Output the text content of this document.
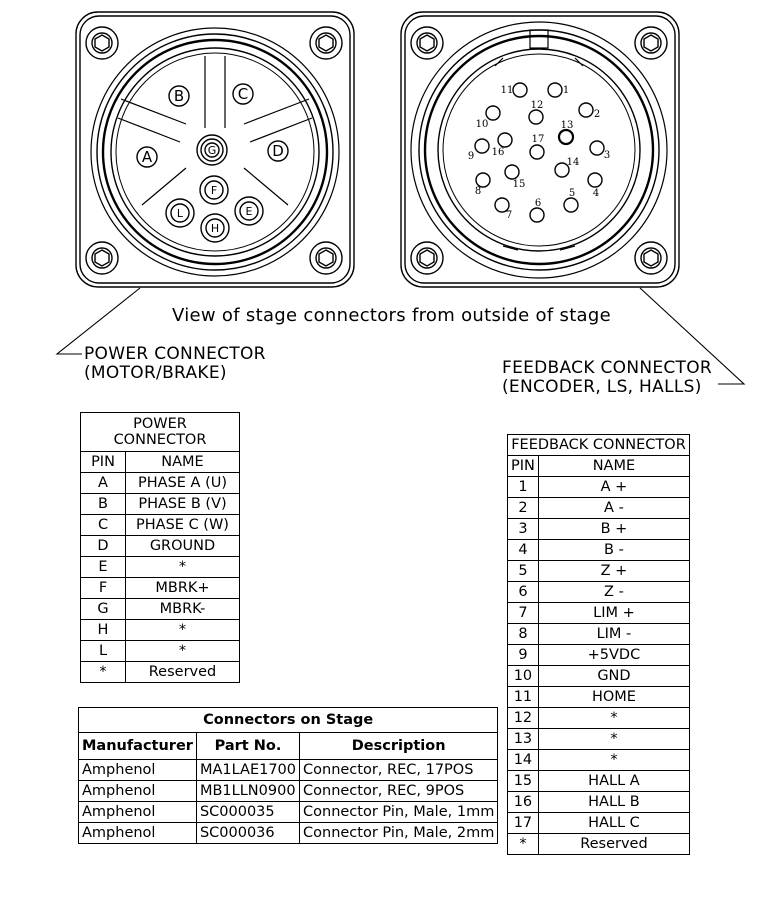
B	C
A	D
G
F
L	E
H
1
2
3
4
5
6
7
8
9
10
11
12
13
14
15
16
17
View of stage connectors from outside of stage
POWER CONNECTOR
(MOTOR/BRAKE)	FEEDBACK CONNECTOR
(ENCODER, LS, HALLS)
POWER
CONNECTOR	

PIN	NAME
A	PHASE A (U)
B	PHASE B (V)
C	PHASE C (W)
D	GROUND
E	*
F	MBRK+
G	MBRK-
H	*
L	*
*	Reserved
FEEDBACK CONNECTOR	
PIN	NAME
1	A +
2	A -
3	B +
4	B -
5	Z +
6	Z -
7	LIM +
8	LIM -
9	+5VDC
10	GND
11	HOME
12	*
13	*
14	*
15	HALL A
16	HALL B
17	HALL C
*	Reserved
Connectors on Stage		
Manufacturer	Part No.	Description
Amphenol	MA1LAE1700	Connector, REC, 17POS
Amphenol	MB1LLN0900	Connector, REC, 9POS
Amphenol	SC000035	Connector Pin, Male, 1mm
Amphenol	SC000036	Connector Pin, Male, 2mm
